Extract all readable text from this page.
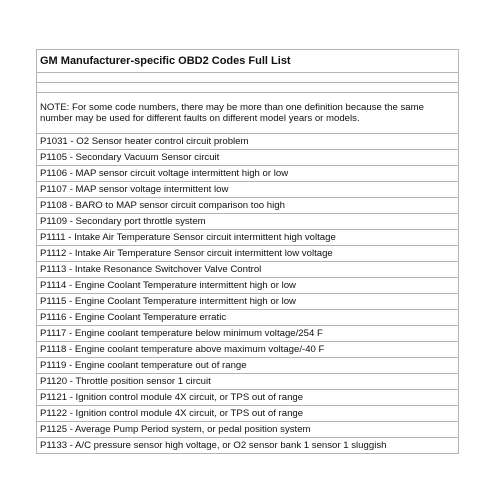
GM Manufacturer-specific OBD2 Codes Full List

NOTE: For some code numbers, there may be more than one definition because the same number may be used for different faults on different model years or models.
P1031 - O2 Sensor heater control circuit problem
P1105 - Secondary Vacuum Sensor circuit
P1106 - MAP sensor circuit voltage intermittent high or low
P1107 - MAP sensor voltage intermittent low
P1108 - BARO to MAP sensor circuit comparison too high
P1109 - Secondary port throttle system
P1111 - Intake Air Temperature Sensor circuit intermittent high voltage
P1112 - Intake Air Temperature Sensor circuit intermittent low voltage
P1113 - Intake Resonance Switchover Valve Control
P1114 - Engine Coolant Temperature intermittent high or low
P1115 - Engine Coolant Temperature intermittent high or low
P1116 - Engine Coolant Temperature erratic
P1117 - Engine coolant temperature below minimum voltage/254 F
P1118 - Engine coolant temperature above maximum voltage/-40 F
P1119 - Engine coolant temperature out of range
P1120 - Throttle position sensor 1 circuit
P1121 - Ignition control module 4X circuit, or TPS out of range
P1122 - Ignition control module 4X circuit, or TPS out of range
P1125 - Average Pump Period system, or pedal position system
P1133 - A/C pressure sensor high voltage, or O2 sensor bank 1 sensor 1 sluggish
